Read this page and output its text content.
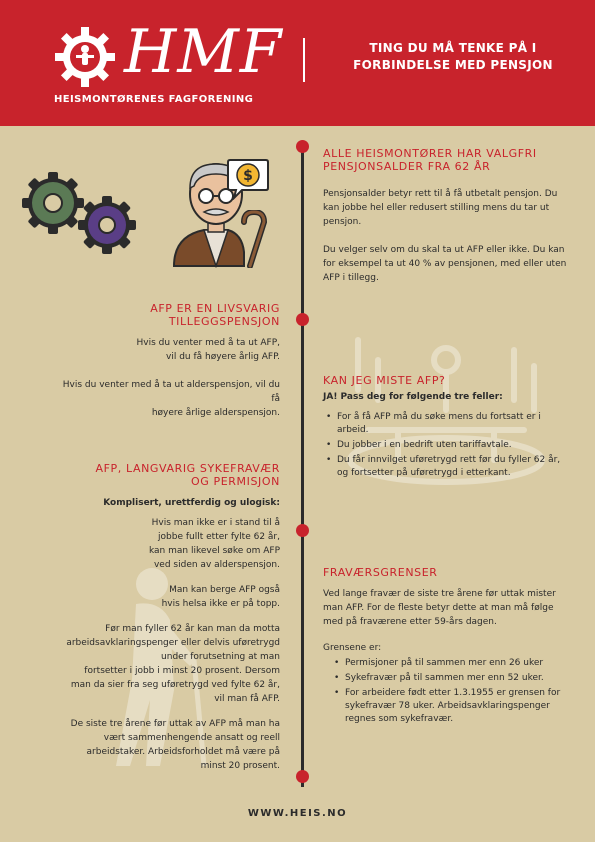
HMF
HEISMONTØRENES FAGFORENING
TING DU MÅ TENKE PÅ I
FORBINDELSE MED PENSJON
$
ALLE HEISMONTØRER HAR VALGFRI
PENSJONSALDER FRA 62 ÅR
Pensjonsalder betyr rett til å få utbetalt pensjon. Du kan jobbe hel eller redusert stilling mens du tar ut pensjon.
Du velger selv om du skal ta ut AFP eller ikke. Du kan for eksempel ta ut 40 % av pensjonen, med eller uten AFP i tillegg.
AFP ER EN LIVSVARIG
TILLEGGSPENSJON
Hvis du venter med å ta ut AFP,
vil du få høyere årlig AFP.
Hvis du venter med å ta ut alderspensjon, vil du få
høyere årlige alderspensjon.
KAN JEG MISTE AFP?
JA! Pass deg for følgende tre feller:
• For å få AFP må du søke mens du fortsatt er i arbeid.
• Du jobber i en bedrift uten tariffavtale.
• Du får innvilget uføretrygd rett før du fyller 62 år, og fortsetter på uføretrygd i etterkant.
AFP, LANGVARIG SYKEFRAVÆR
OG PERMISJON
Komplisert, urettferdig og ulogisk:
Hvis man ikke er i stand til å
jobbe fullt etter fylte 62 år,
kan man likevel søke om AFP
ved siden av alderspensjon.
Man kan berge AFP også
hvis helsa ikke er på topp.
Før man fyller 62 år kan man da motta
arbeidsavklaringspenger eller delvis uføretrygd
under forutsetning at man
fortsetter i jobb i minst 20 prosent. Dersom
man da sier fra seg uføretrygd ved fylte 62 år,
vil man få AFP.
De siste tre årene før uttak av AFP må man ha
vært sammenhengende ansatt og reell
arbeidstaker. Arbeidsforholdet må være på
minst 20 prosent.
FRAVÆRSGRENSER
Ved lange fravær de siste tre årene før uttak mister man AFP. For de fleste betyr dette at man må følge med på fraværene etter 59-års dagen.
Grensene er:
• Permisjoner på til sammen mer enn 26 uker
• Sykefravær på til sammen mer enn 52 uker.
• For arbeidere født etter 1.3.1955 er grensen for sykefravær 78 uker. Arbeidsavklaringspenger regnes som sykefravær.
WWW.HEIS.NO
